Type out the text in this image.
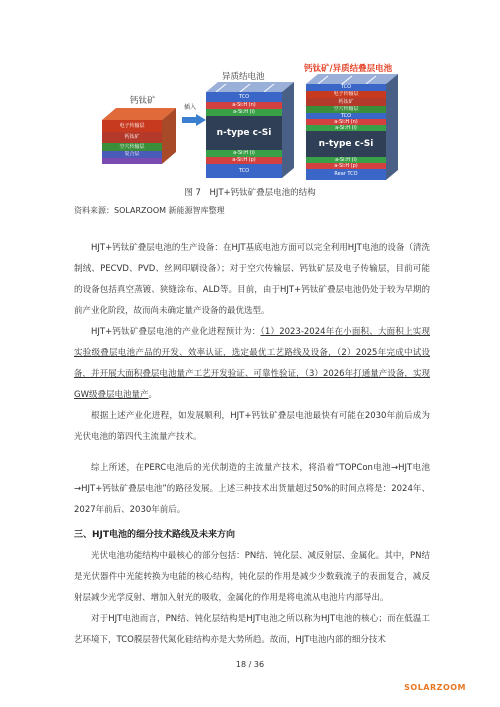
钙钛矿
异质结电池
钙钛矿/异质结叠层电池
电子传输层
钙钛矿
空穴传输层
复合层
插入
TCO
a-Si:H (n)
a-Si:H (i)
n-type c-Si
a-Si:H (i)
a-Si:H (p)
TCO
TCO
电子传输层
钙钛矿
空穴传输层
TCO
a-Si:H (n)
a-Si:H (i)
n-type c-Si
a-Si:H (i)
a-Si:H (p)
Rear TCO
图 7　HJT+钙钛矿叠层电池的结构
资料来源：SOLARZOOM 新能源智库整理
HJT+钙钛矿叠层电池的生产设备：在HJT基底电池方面可以完全利用HJT电池的设备（清洗制绒、PECVD、PVD、丝网印刷设备）；对于空穴传输层、钙钛矿层及电子传输层，目前可能的设备包括真空蒸镀、狭缝涂布、ALD等。目前，由于HJT+钙钛矿叠层电池仍处于较为早期的前产业化阶段，故而尚未确定量产设备的最优选型。
HJT+钙钛矿叠层电池的产业化进程预计为：（1）2023-2024年在小面积、大面积上实现实验级叠层电池产品的开发、效率认证，选定最优工艺路线及设备，（2）2025年完成中试设备，并开展大面积叠层电池量产工艺开发验证、可靠性验证，（3）2026年打通量产设备，实现GW级叠层电池量产。
根据上述产业化进程，如发展顺利，HJT+钙钛矿叠层电池最快有可能在2030年前后成为光伏电池的第四代主流量产技术。
综上所述，在PERC电池后的光伏制造的主流量产技术，将沿着“TOPCon电池→HJT电池→HJT+钙钛矿叠层电池”的路径发展。上述三种技术出货量超过50%的时间点将是：2024年、2027年前后、2030年前后。
三、HJT电池的细分技术路线及未来方向
光伏电池功能结构中最核心的部分包括：PN结、钝化层、减反射层、金属化。其中，PN结是光伏器件中光能转换为电能的核心结构，钝化层的作用是减少少数载流子的表面复合，减反射层减少光学反射、增加入射光的吸收，金属化的作用是将电流从电池片内部导出。
对于HJT电池而言，PN结、钝化层结构是HJT电池之所以称为HJT电池的核心；而在低温工艺环境下，TCO膜层替代氮化硅结构亦是大势所趋。故而，HJT电池内部的细分技术
18 / 36
SOLARZOOM
